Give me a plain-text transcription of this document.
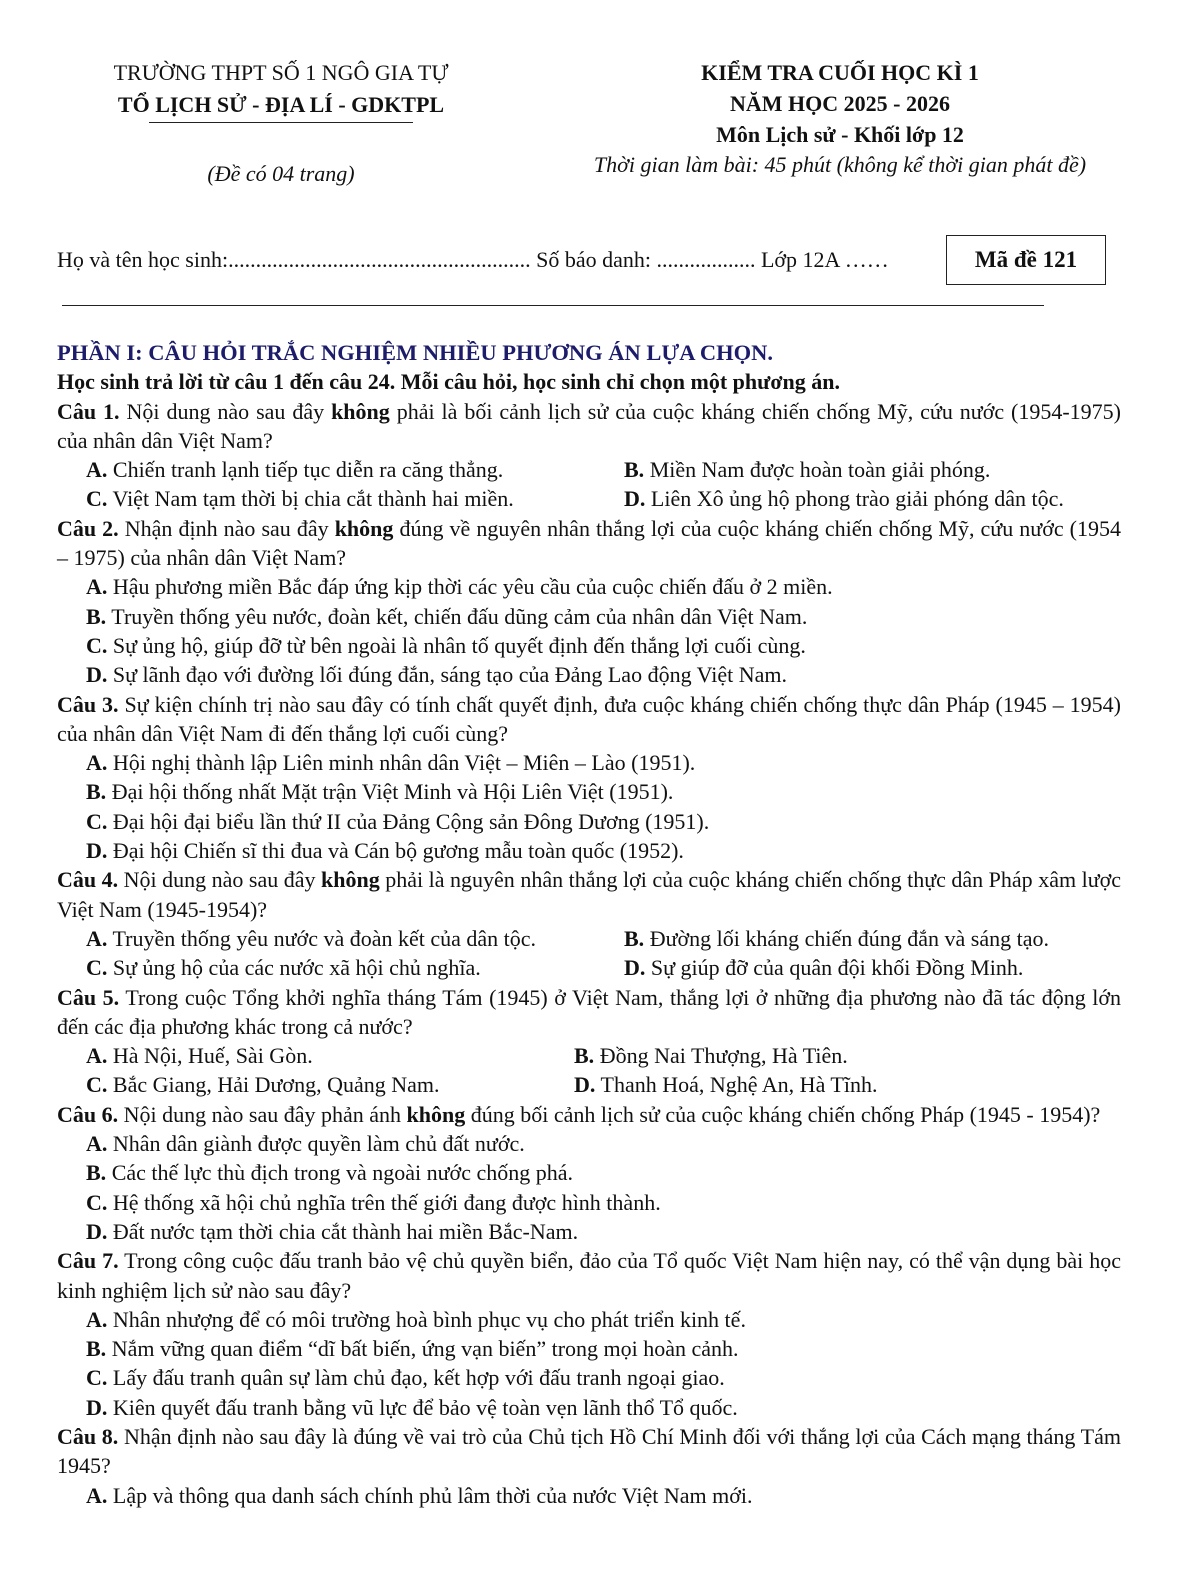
TRƯỜNG THPT SỐ 1 NGÔ GIA TỰ
TỔ LỊCH SỬ - ĐỊA LÍ - GDKTPL
(Đề có 04 trang)
KIỂM TRA CUỐI HỌC KÌ 1
NĂM HỌC 2025 - 2026
Môn Lịch sử - Khối lớp 12
Thời gian làm bài: 45 phút (không kể thời gian phát đề)
Họ và tên học sinh:....................................................... Số báo danh: .................. Lớp 12A ……	Mã đề 121
PHẦN I: CÂU HỎI TRẮC NGHIỆM NHIỀU PHƯƠNG ÁN LỰA CHỌN.
Học sinh trả lời từ câu 1 đến câu 24. Mỗi câu hỏi, học sinh chỉ chọn một phương án.
Câu 1. Nội dung nào sau đây không phải là bối cảnh lịch sử của cuộc kháng chiến chống Mỹ, cứu nước (1954-1975) của nhân dân Việt Nam?
A. Chiến tranh lạnh tiếp tục diễn ra căng thẳng.	B. Miền Nam được hoàn toàn giải phóng.
C. Việt Nam tạm thời bị chia cắt thành hai miền.	D. Liên Xô ủng hộ phong trào giải phóng dân tộc.
Câu 2. Nhận định nào sau đây không đúng về nguyên nhân thắng lợi của cuộc kháng chiến chống Mỹ, cứu nước (1954 – 1975) của nhân dân Việt Nam?
A. Hậu phương miền Bắc đáp ứng kịp thời các yêu cầu của cuộc chiến đấu ở 2 miền.
B. Truyền thống yêu nước, đoàn kết, chiến đấu dũng cảm của nhân dân Việt Nam.
C. Sự ủng hộ, giúp đỡ từ bên ngoài là nhân tố quyết định đến thắng lợi cuối cùng.
D. Sự lãnh đạo với đường lối đúng đắn, sáng tạo của Đảng Lao động Việt Nam.
Câu 3. Sự kiện chính trị nào sau đây có tính chất quyết định, đưa cuộc kháng chiến chống thực dân Pháp (1945 – 1954) của nhân dân Việt Nam đi đến thắng lợi cuối cùng?
A. Hội nghị thành lập Liên minh nhân dân Việt – Miên – Lào (1951).
B. Đại hội thống nhất Mặt trận Việt Minh và Hội Liên Việt (1951).
C. Đại hội đại biểu lần thứ II của Đảng Cộng sản Đông Dương (1951).
D. Đại hội Chiến sĩ thi đua và Cán bộ gương mẫu toàn quốc (1952).
Câu 4. Nội dung nào sau đây không phải là nguyên nhân thắng lợi của cuộc kháng chiến chống thực dân Pháp xâm lược Việt Nam (1945-1954)?
A. Truyền thống yêu nước và đoàn kết của dân tộc.	B. Đường lối kháng chiến đúng đắn và sáng tạo.
C. Sự ủng hộ của các nước xã hội chủ nghĩa.	D. Sự giúp đỡ của quân đội khối Đồng Minh.
Câu 5. Trong cuộc Tổng khởi nghĩa tháng Tám (1945) ở Việt Nam, thắng lợi ở những địa phương nào đã tác động lớn đến các địa phương khác trong cả nước?
A. Hà Nội, Huế, Sài Gòn.	B. Đồng Nai Thượng, Hà Tiên.
C. Bắc Giang, Hải Dương, Quảng Nam.	D. Thanh Hoá, Nghệ An, Hà Tĩnh.
Câu 6. Nội dung nào sau đây phản ánh không đúng bối cảnh lịch sử của cuộc kháng chiến chống Pháp (1945 - 1954)?
A. Nhân dân giành được quyền làm chủ đất nước.
B. Các thế lực thù địch trong và ngoài nước chống phá.
C. Hệ thống xã hội chủ nghĩa trên thế giới đang được hình thành.
D. Đất nước tạm thời chia cắt thành hai miền Bắc-Nam.
Câu 7. Trong công cuộc đấu tranh bảo vệ chủ quyền biển, đảo của Tổ quốc Việt Nam hiện nay, có thể vận dụng bài học kinh nghiệm lịch sử nào sau đây?
A. Nhân nhượng để có môi trường hoà bình phục vụ cho phát triển kinh tế.
B. Nắm vững quan điểm “dĩ bất biến, ứng vạn biến” trong mọi hoàn cảnh.
C. Lấy đấu tranh quân sự làm chủ đạo, kết hợp với đấu tranh ngoại giao.
D. Kiên quyết đấu tranh bằng vũ lực để bảo vệ toàn vẹn lãnh thổ Tổ quốc.
Câu 8. Nhận định nào sau đây là đúng về vai trò của Chủ tịch Hồ Chí Minh đối với thắng lợi của Cách mạng tháng Tám 1945?
A. Lập và thông qua danh sách chính phủ lâm thời của nước Việt Nam mới.
